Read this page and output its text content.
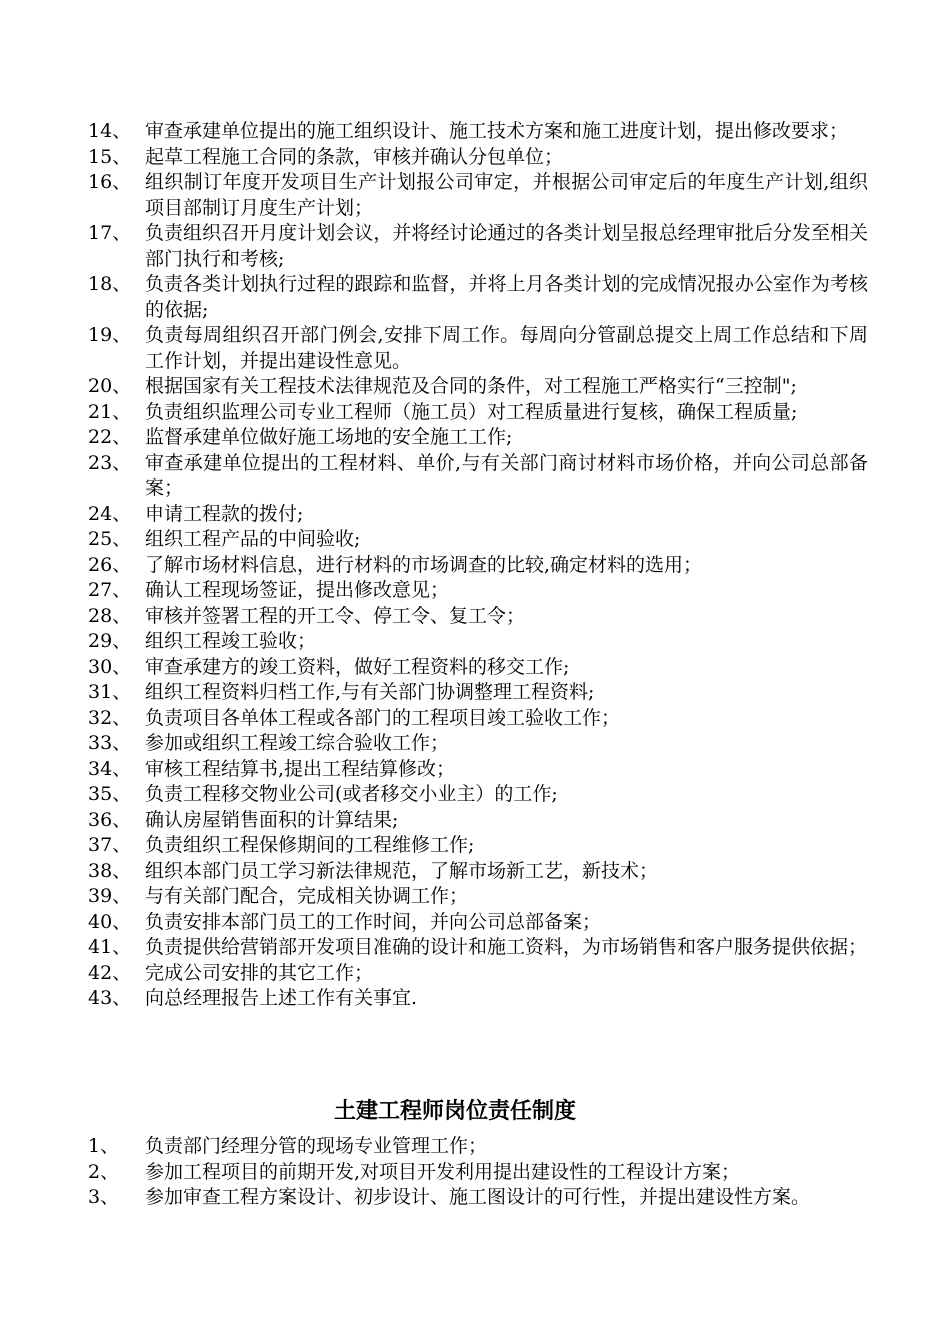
14、 审查承建单位提出的施工组织设计、施工技术方案和施工进度计划，提出修改要求；
15、 起草工程施工合同的条款，审核并确认分包单位；
16、 组织制订年度开发项目生产计划报公司审定，并根据公司审定后的年度生产计划,组织项目部制订月度生产计划；
17、 负责组织召开月度计划会议，并将经讨论通过的各类计划呈报总经理审批后分发至相关部门执行和考核;
18、 负责各类计划执行过程的跟踪和监督，并将上月各类计划的完成情况报办公室作为考核的依据;
19、 负责每周组织召开部门例会,安排下周工作。每周向分管副总提交上周工作总结和下周工作计划，并提出建设性意见。
20、 根据国家有关工程技术法律规范及合同的条件，对工程施工严格实行“三控制";
21、 负责组织监理公司专业工程师（施工员）对工程质量进行复核，确保工程质量;
22、 监督承建单位做好施工场地的安全施工工作;
23、 审查承建单位提出的工程材料、单价,与有关部门商讨材料市场价格，并向公司总部备案；
24、 申请工程款的拨付;
25、 组织工程产品的中间验收;
26、 了解市场材料信息，进行材料的市场调查的比较,确定材料的选用；
27、 确认工程现场签证，提出修改意见；
28、 审核并签署工程的开工令、停工令、复工令；
29、 组织工程竣工验收；
30、 审查承建方的竣工资料，做好工程资料的移交工作;
31、 组织工程资料归档工作,与有关部门协调整理工程资料;
32、 负责项目各单体工程或各部门的工程项目竣工验收工作；
33、 参加或组织工程竣工综合验收工作；
34、 审核工程结算书,提出工程结算修改；
35、 负责工程移交物业公司(或者移交小业主）的工作;
36、 确认房屋销售面积的计算结果;
37、 负责组织工程保修期间的工程维修工作;
38、 组织本部门员工学习新法律规范，了解市场新工艺，新技术；
39、 与有关部门配合，完成相关协调工作；
40、 负责安排本部门员工的工作时间，并向公司总部备案；
41、 负责提供给营销部开发项目准确的设计和施工资料，为市场销售和客户服务提供依据；
42、 完成公司安排的其它工作；
43、 向总经理报告上述工作有关事宜.
土建工程师岗位责任制度
1、	负责部门经理分管的现场专业管理工作；
2、	参加工程项目的前期开发,对项目开发利用提出建设性的工程设计方案；
3、	参加审查工程方案设计、初步设计、施工图设计的可行性，并提出建设性方案。
